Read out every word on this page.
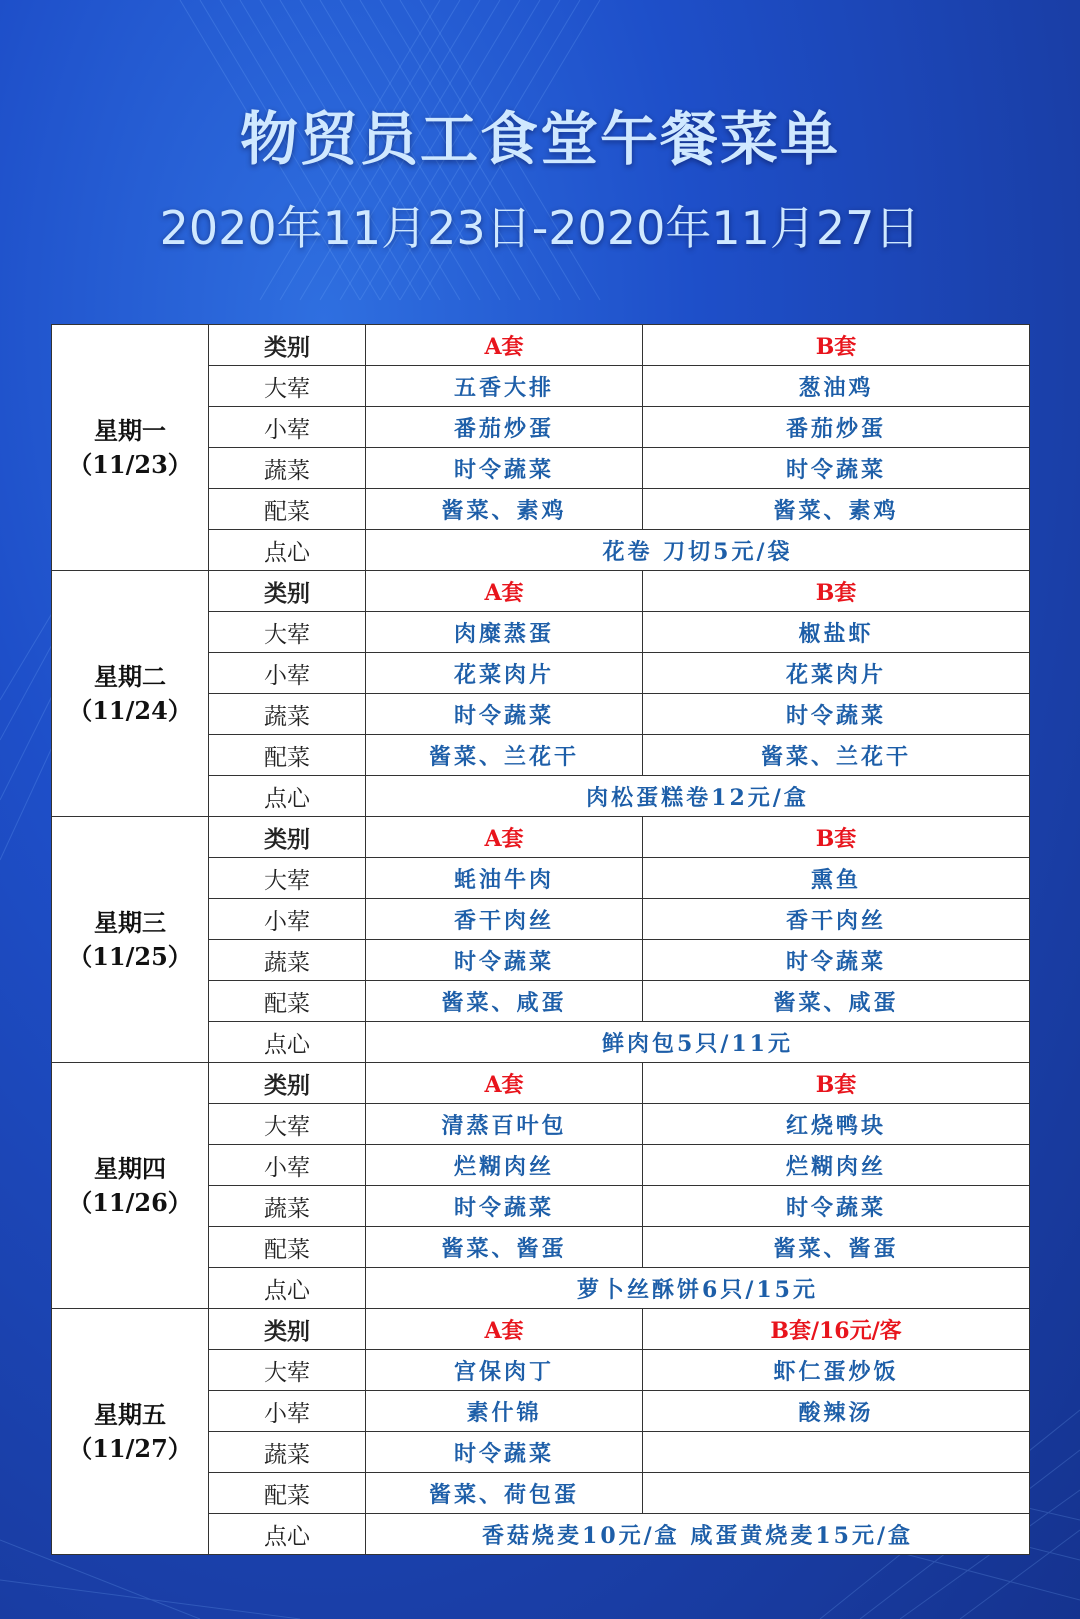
物贸员工食堂午餐菜单
2020年11月23日-2020年11月27日
星期一
（11/23）	类别	A套	B套
	大荤	五香大排	葱油鸡
	小荤	番茄炒蛋	番茄炒蛋
	蔬菜	时令蔬菜	时令蔬菜
	配菜	酱菜、素鸡	酱菜、素鸡
	点心	花卷 刀切5元/袋	

星期二
（11/24）	类别	A套	B套
	大荤	肉糜蒸蛋	椒盐虾
	小荤	花菜肉片	花菜肉片
	蔬菜	时令蔬菜	时令蔬菜
	配菜	酱菜、兰花干	酱菜、兰花干
	点心	肉松蛋糕卷12元/盒	

星期三
（11/25）	类别	A套	B套
	大荤	蚝油牛肉	熏鱼
	小荤	香干肉丝	香干肉丝
	蔬菜	时令蔬菜	时令蔬菜
	配菜	酱菜、咸蛋	酱菜、咸蛋
	点心	鲜肉包5只/11元	

星期四
（11/26）	类别	A套	B套
	大荤	清蒸百叶包	红烧鸭块
	小荤	烂糊肉丝	烂糊肉丝
	蔬菜	时令蔬菜	时令蔬菜
	配菜	酱菜、酱蛋	酱菜、酱蛋
	点心	萝卜丝酥饼6只/15元	

星期五
（11/27）	类别	A套	B套/16元/客
	大荤	宫保肉丁	虾仁蛋炒饭
	小荤	素什锦	酸辣汤
	蔬菜	时令蔬菜	
	配菜	酱菜、荷包蛋	
	点心	香菇烧麦10元/盒 咸蛋黄烧麦15元/盒	
